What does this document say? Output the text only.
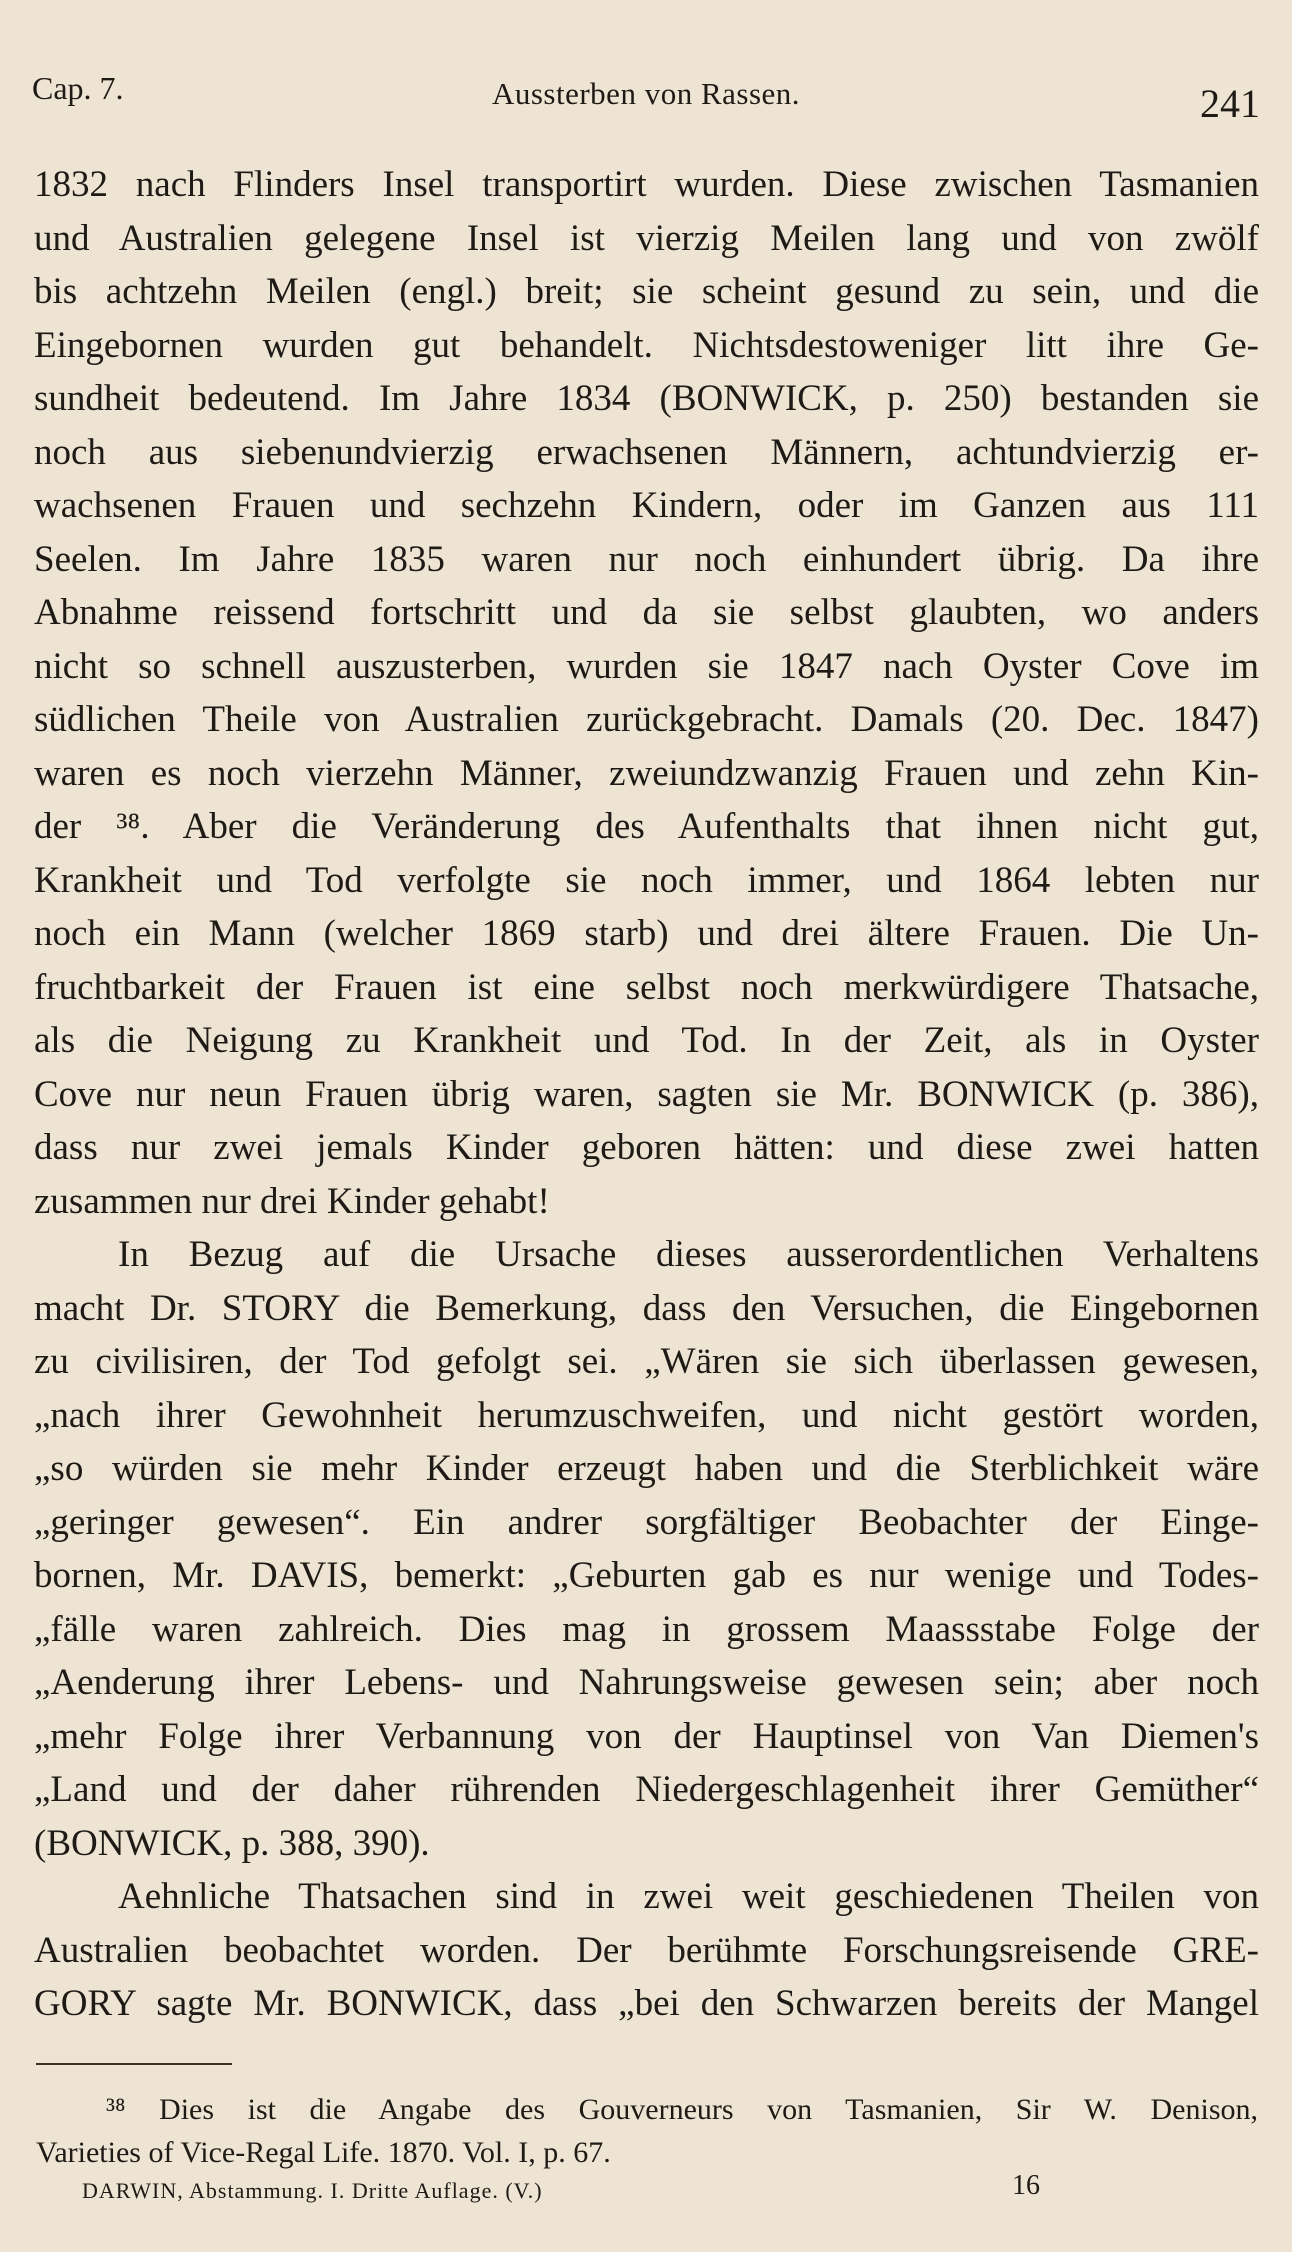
Cap. 7.	Aussterben von Rassen.	241
1832 nach Flinders Insel transportirt wurden. Diese zwischen Tasmanien
und Australien gelegene Insel ist vierzig Meilen lang und von zwölf
bis achtzehn Meilen (engl.) breit; sie scheint gesund zu sein, und die
Eingebornen wurden gut behandelt. Nichtsdestoweniger litt ihre Ge-
sundheit bedeutend. Im Jahre 1834 (BONWICK, p. 250) bestanden sie
noch aus siebenundvierzig erwachsenen Männern, achtundvierzig er-
wachsenen Frauen und sechzehn Kindern, oder im Ganzen aus 111
Seelen. Im Jahre 1835 waren nur noch einhundert übrig. Da ihre
Abnahme reissend fortschritt und da sie selbst glaubten, wo anders
nicht so schnell auszusterben, wurden sie 1847 nach Oyster Cove im
südlichen Theile von Australien zurückgebracht. Damals (20. Dec. 1847)
waren es noch vierzehn Männer, zweiundzwanzig Frauen und zehn Kin-
der ³⁸. Aber die Veränderung des Aufenthalts that ihnen nicht gut,
Krankheit und Tod verfolgte sie noch immer, und 1864 lebten nur
noch ein Mann (welcher 1869 starb) und drei ältere Frauen. Die Un-
fruchtbarkeit der Frauen ist eine selbst noch merkwürdigere Thatsache,
als die Neigung zu Krankheit und Tod. In der Zeit, als in Oyster
Cove nur neun Frauen übrig waren, sagten sie Mr. BONWICK (p. 386),
dass nur zwei jemals Kinder geboren hätten: und diese zwei hatten
zusammen nur drei Kinder gehabt!
In Bezug auf die Ursache dieses ausserordentlichen Verhaltens
macht Dr. STORY die Bemerkung, dass den Versuchen, die Eingebornen
zu civilisiren, der Tod gefolgt sei. „Wären sie sich überlassen gewesen,
„nach ihrer Gewohnheit herumzuschweifen, und nicht gestört worden,
„so würden sie mehr Kinder erzeugt haben und die Sterblichkeit wäre
„geringer gewesen“. Ein andrer sorgfältiger Beobachter der Einge-
bornen, Mr. DAVIS, bemerkt: „Geburten gab es nur wenige und Todes-
„fälle waren zahlreich. Dies mag in grossem Maassstabe Folge der
„Aenderung ihrer Lebens- und Nahrungsweise gewesen sein; aber noch
„mehr Folge ihrer Verbannung von der Hauptinsel von Van Diemen's
„Land und der daher rührenden Niedergeschlagenheit ihrer Gemüther“
(BONWICK, p. 388, 390).
Aehnliche Thatsachen sind in zwei weit geschiedenen Theilen von
Australien beobachtet worden. Der berühmte Forschungsreisende GRE-
GORY sagte Mr. BONWICK, dass „bei den Schwarzen bereits der Mangel
³⁸ Dies ist die Angabe des Gouverneurs von Tasmanien, Sir W. Denison,
Varieties of Vice-Regal Life. 1870. Vol. I, p. 67.
DARWIN, Abstammung. I. Dritte Auflage. (V.)	16
